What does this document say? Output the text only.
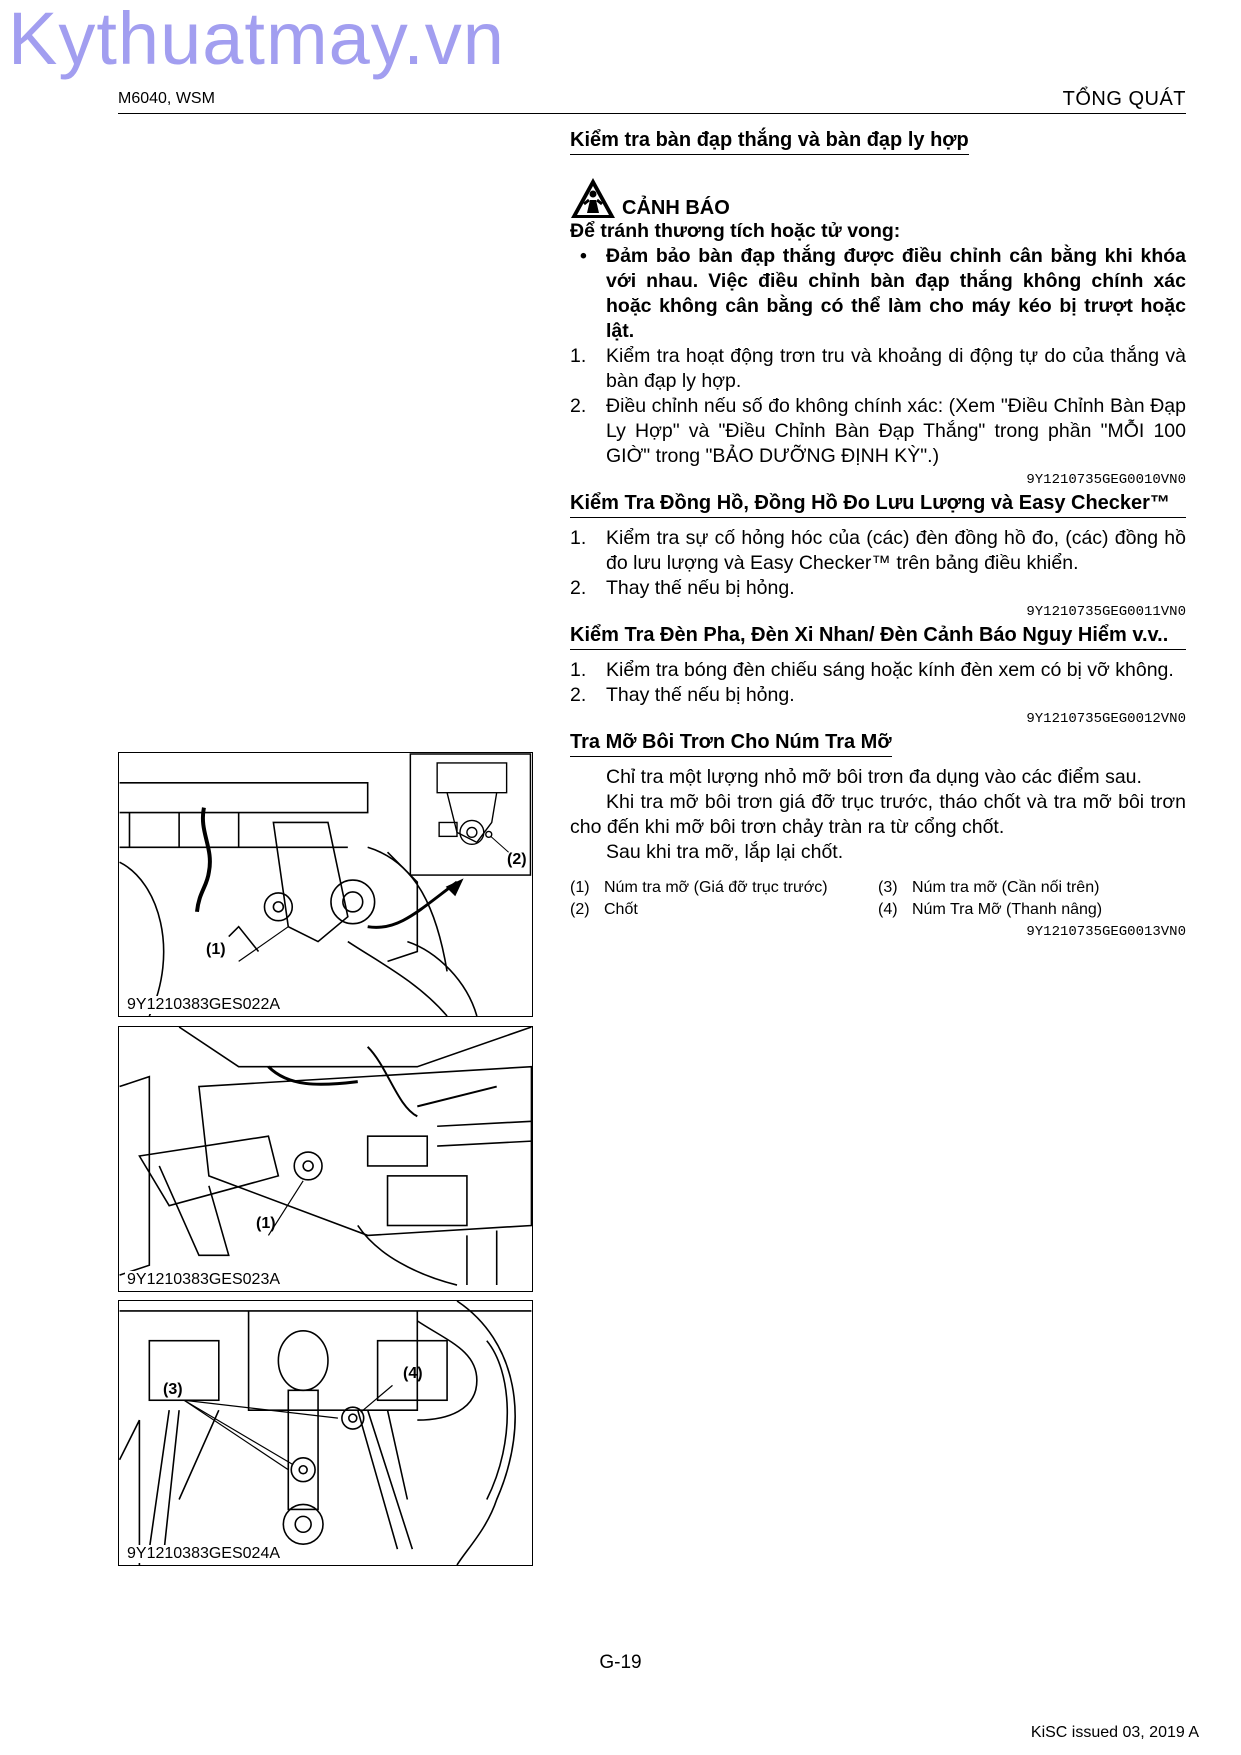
Kythuatmay.vn
M6040, WSM	TỔNG QUÁT
Kiểm tra bàn đạp thắng và bàn đạp ly hợp
CẢNH BÁO
Để tránh thương tích hoặc tử vong:
• Đảm bảo bàn đạp thắng được điều chỉnh cân bằng khi khóa với nhau. Việc điều chỉnh bàn đạp thắng không chính xác hoặc không cân bằng có thể làm cho máy kéo bị trượt hoặc lật.
1.	Kiểm tra hoạt động trơn tru và khoảng di động tự do của thắng và bàn đạp ly hợp.
2.	Điều chỉnh nếu số đo không chính xác: (Xem "Điều Chỉnh Bàn Đạp Ly Hợp" và "Điều Chỉnh Bàn Đạp Thắng" trong phần "MỖI 100 GIỜ" trong "BẢO DƯỠNG ĐỊNH KỲ".)
9Y1210735GEG0010VN0
Kiểm Tra Đồng Hồ, Đồng Hồ Đo Lưu Lượng và Easy Checker™
1.	Kiểm tra sự cố hỏng hóc của (các) đèn đồng hồ đo, (các) đồng hồ đo lưu lượng và Easy Checker™ trên bảng điều khiển.
2.	Thay thế nếu bị hỏng.
9Y1210735GEG0011VN0
Kiểm Tra Đèn Pha, Đèn Xi Nhan/ Đèn Cảnh Báo Nguy Hiểm v.v..
1.	Kiểm tra bóng đèn chiếu sáng hoặc kính đèn xem có bị vỡ không.
2.	Thay thế nếu bị hỏng.
9Y1210735GEG0012VN0
Tra Mỡ Bôi Trơn Cho Núm Tra Mỡ
Chỉ tra một lượng nhỏ mỡ bôi trơn đa dụng vào các điểm sau.
Khi tra mỡ bôi trơn giá đỡ trục trước, tháo chốt và tra mỡ bôi trơn cho đến khi mỡ bôi trơn chảy tràn ra từ cổng chốt.
Sau khi tra mỡ, lắp lại chốt.
(1) Núm tra mỡ (Giá đỡ trục trước)	(3) Núm tra mỡ (Cần nối trên)
(2) Chốt	(4) Núm Tra Mỡ (Thanh nâng)
9Y1210735GEG0013VN0
(1)
(2)
9Y1210383GES022A
(1)
9Y1210383GES023A
(3)
(4)
9Y1210383GES024A
G-19
KiSC issued 03, 2019 A
